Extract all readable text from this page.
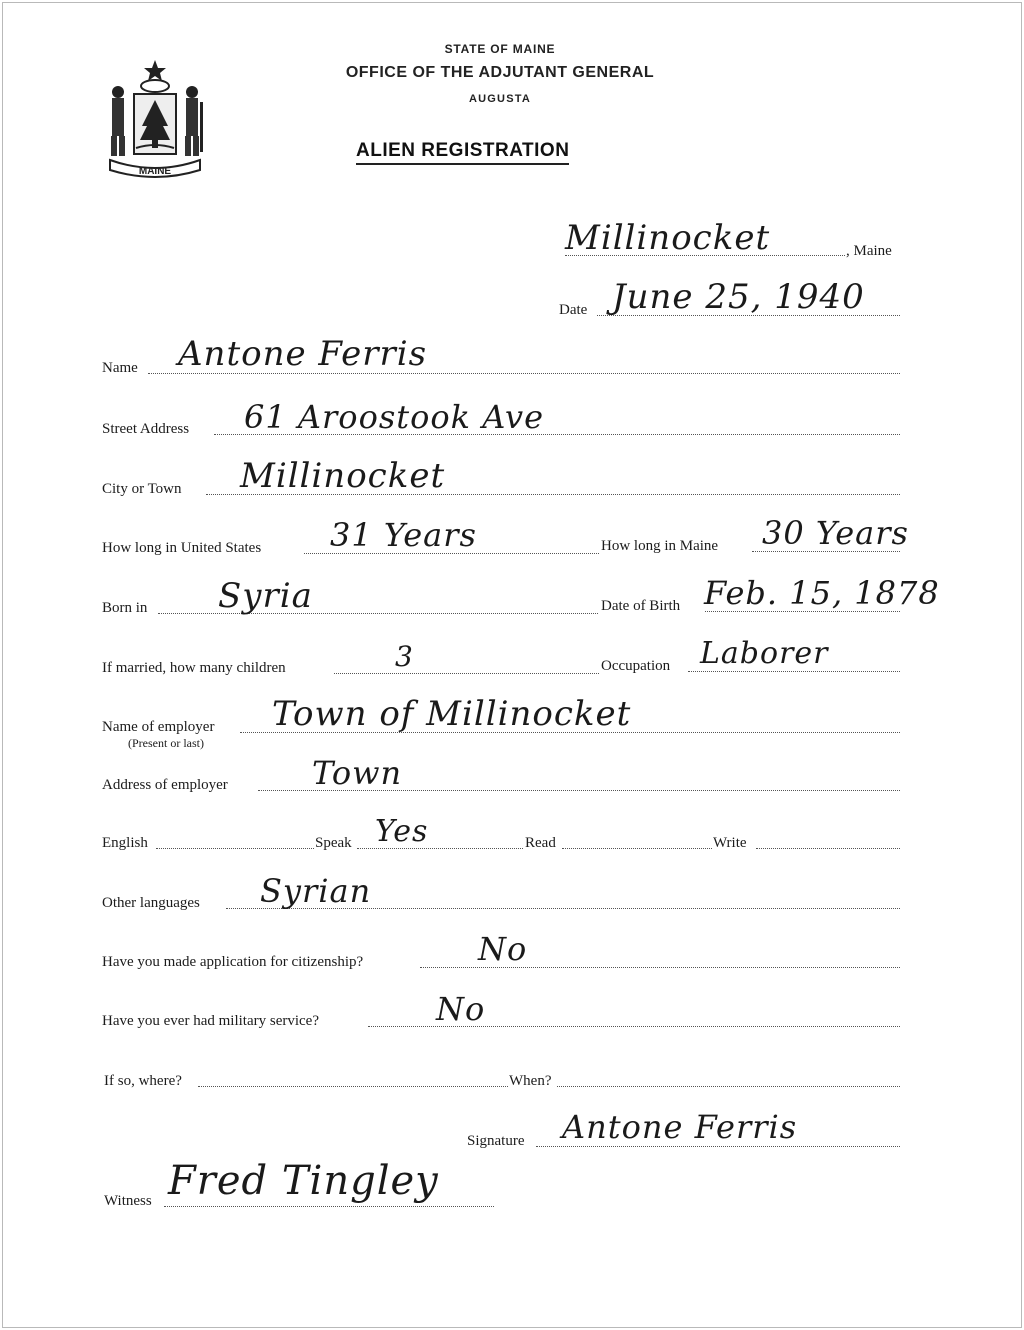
MAINE
STATE OF MAINE
OFFICE OF THE ADJUTANT GENERAL
AUGUSTA
ALIEN REGISTRATION
, Maine
Millinocket
Date June 25, 1940
Name Antone Ferris
Street Address 61 Aroostook Ave
City or Town Millinocket
How long in United States 31 Years	How long in Maine 30 Years
Born in Syria	Date of Birth Feb. 15, 1878
If married, how many children	3	Occupation Laborer
Name of employer
(Present or last)
Town of Millinocket
Address of employer	Town
English	Speak Yes	Read	Write
Other languages Syrian
Have you made application for citizenship?	No
Have you ever had military service?	No
If so, where?	When?
Signature Antone Ferris
Witness Fred Tingley
